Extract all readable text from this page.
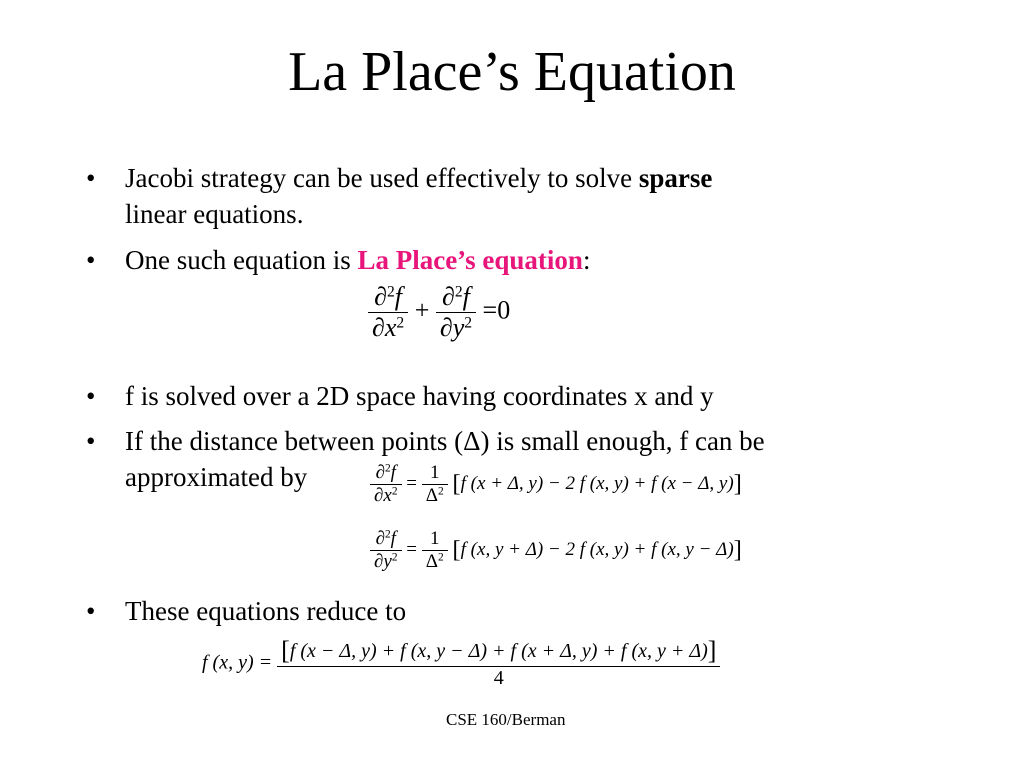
La Place’s Equation
• Jacobi strategy can be used effectively to solve sparse
linear equations.
• One such equation is La Place’s equation:
$\frac{\partial^2f}{\partial x^2} + \frac{\partial^2f}{\partial y^2} =0$
• f is solved over a 2D space having coordinates x and y
• If the distance between points (Δ) is small enough, f can be
approximated by	$\frac{\partial^2f}{\partial x^2} = \frac{1}{\Delta^2} [f$ (x + Δ, y) − 2 f (x, y) + f (x − Δ, y)]
$\frac{\partial^2f}{\partial y^2} = \frac{1}{\Delta^2} [f$ (x, y + Δ) − 2 f (x, y) + f (x, y − Δ)]
• These equations reduce to
f (x, $y) = \frac{[f (x - \Delta, y) + f (x, y - \Delta) + f (x + \Delta, y) + f (x, y + \Delta)]}{4}$
CSE 160/Berman
